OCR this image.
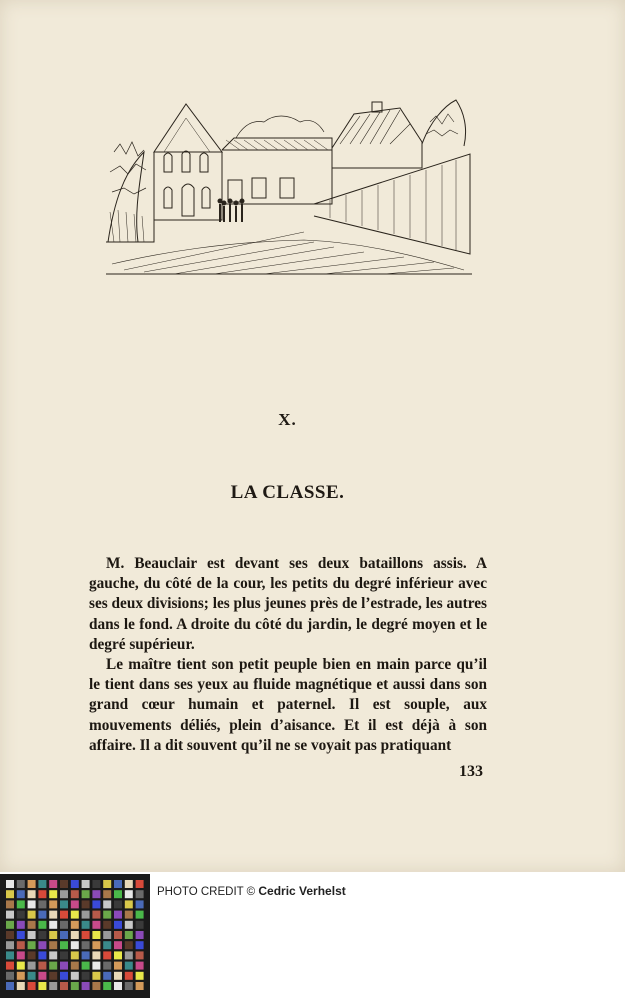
X.
LA CLASSE.

M. Beauclair est devant ses deux bataillons assis. A gauche, du côté de la cour, les petits du degré inférieur avec ses deux divisions; les plus jeunes près de l’estrade, les autres dans le fond. A droite du côté du jardin, le degré moyen et le degré supérieur.

Le maître tient son petit peuple bien en main parce qu’il le tient dans ses yeux au fluide magnétique et aussi dans son grand cœur humain et paternel. Il est souple, aux mouvements déliés, plein d’aisance. Et il est déjà à son affaire. Il a dit souvent qu’il ne se voyait pas pratiquant

133
PHOTO CREDIT © Cedric Verhelst
